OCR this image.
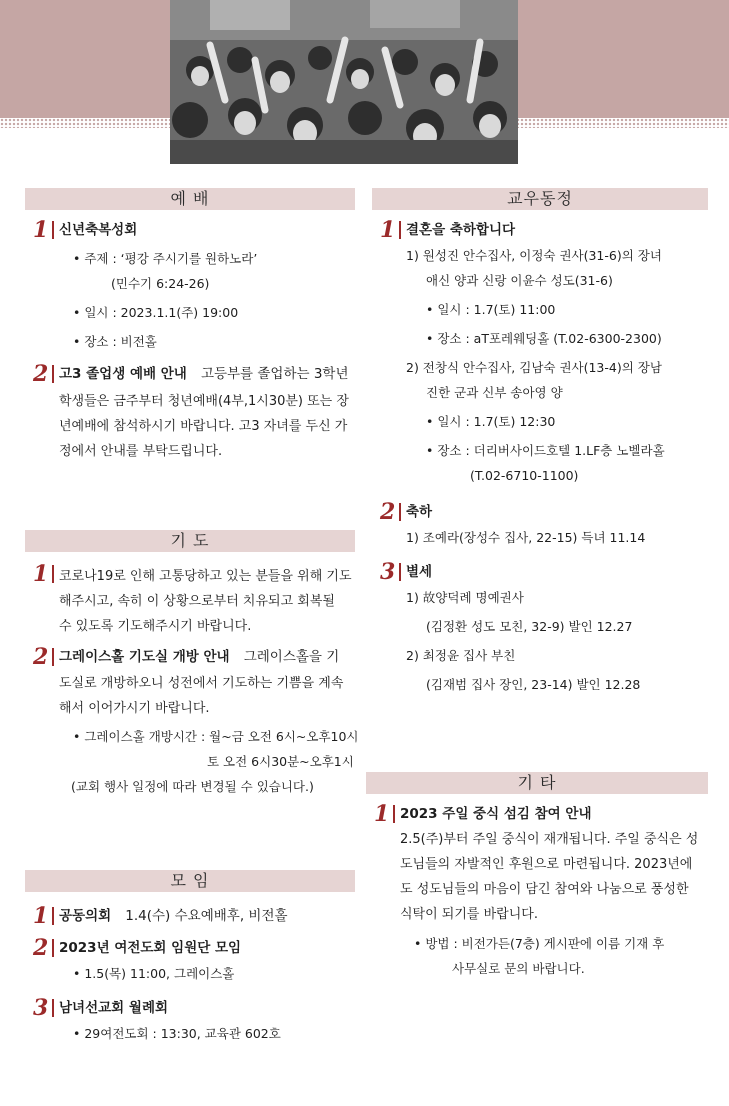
예 배
1 신년축복성회
• 주제 : ‘평강 주시기를 원하노라’
(민수기 6:24-26)
• 일시 : 2023.1.1(주) 19:00
• 장소 : 비전홀
2 고3 졸업생 예배 안내 고등부를 졸업하는 3학년
학생들은 금주부터 청년예배(4부,1시30분) 또는 장
년예배에 참석하시기 바랍니다. 고3 자녀를 두신 가
정에서 안내를 부탁드립니다.
기 도
1 코로나19로 인해 고통당하고 있는 분들을 위해 기도
해주시고, 속히 이 상황으로부터 치유되고 회복될
수 있도록 기도해주시기 바랍니다.
2 그레이스홀 기도실 개방 안내 그레이스홀을 기
도실로 개방하오니 성전에서 기도하는 기쁨을 계속
해서 이어가시기 바랍니다.
• 그레이스홀 개방시간 : 월~금 오전 6시~오후10시
토 오전 6시30분~오후1시
(교회 행사 일정에 따라 변경될 수 있습니다.)
모 임
1 공동의회 1.4(수) 수요예배후, 비전홀
2 2023년 여전도회 임원단 모임
• 1.5(목) 11:00, 그레이스홀
3 남녀선교회 월례회
• 29여전도회 : 13:30, 교육관 602호
교우동정
1 결혼을 축하합니다
1) 원성진 안수집사, 이정숙 권사(31-6)의 장녀
애신 양과 신랑 이윤수 성도(31-6)
• 일시 : 1.7(토) 11:00
• 장소 : aT포레웨딩홀 (T.02-6300-2300)
2) 전창식 안수집사, 김남숙 권사(13-4)의 장남
진한 군과 신부 송아영 양
• 일시 : 1.7(토) 12:30
• 장소 : 더리버사이드호텔 1.LF층 노벨라홀
(T.02-6710-1100)
2 축하
1) 조예라(장성수 집사, 22-15) 득녀 11.14
3 별세
1) 故양덕례 명예권사
(김정환 성도 모친, 32-9) 발인 12.27
2) 최정윤 집사 부친
(김재범 집사 장인, 23-14) 발인 12.28
기 타
1 2023 주일 중식 섬김 참여 안내
2.5(주)부터 주일 중식이 재개됩니다. 주일 중식은 성
도님들의 자발적인 후원으로 마련됩니다. 2023년에
도 성도님들의 마음이 담긴 참여와 나눔으로 풍성한
식탁이 되기를 바랍니다.
• 방법 : 비전가든(7층) 게시판에 이름 기재 후
사무실로 문의 바랍니다.
